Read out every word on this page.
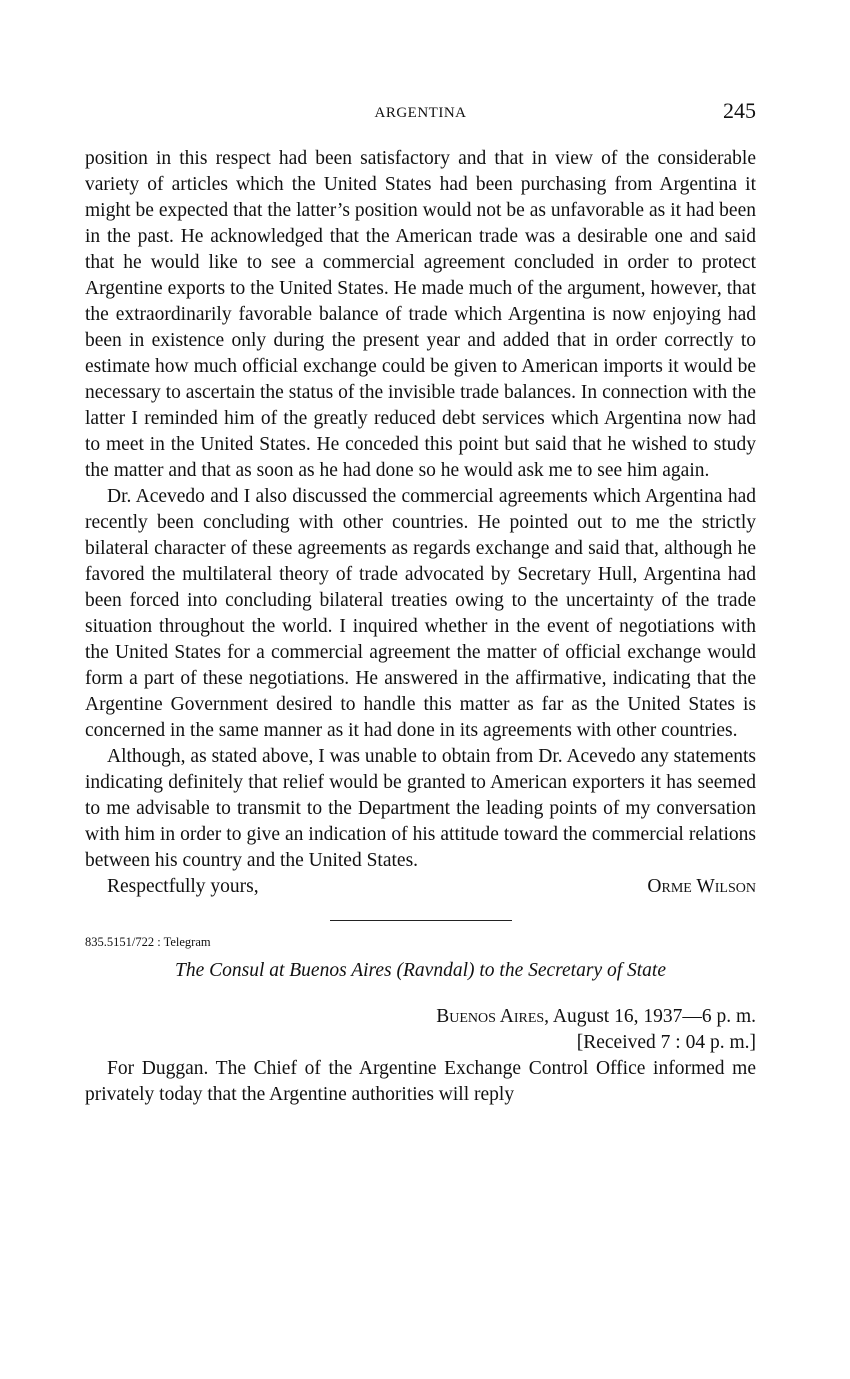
ARGENTINA	245

position in this respect had been satisfactory and that in view of the considerable variety of articles which the United States had been purchasing from Argentina it might be expected that the latter’s position would not be as unfavorable as it had been in the past. He acknowledged that the American trade was a desirable one and said that he would like to see a commercial agreement concluded in order to protect Argentine exports to the United States. He made much of the argument, however, that the extraordinarily favorable balance of trade which Argentina is now enjoying had been in existence only during the present year and added that in order correctly to estimate how much official exchange could be given to American imports it would be necessary to ascertain the status of the invisible trade balances. In connection with the latter I reminded him of the greatly reduced debt services which Argentina now had to meet in the United States. He conceded this point but said that he wished to study the matter and that as soon as he had done so he would ask me to see him again.

Dr. Acevedo and I also discussed the commercial agreements which Argentina had recently been concluding with other countries. He pointed out to me the strictly bilateral character of these agreements as regards exchange and said that, although he favored the multilateral theory of trade advocated by Secretary Hull, Argentina had been forced into concluding bilateral treaties owing to the uncertainty of the trade situation throughout the world. I inquired whether in the event of negotiations with the United States for a commercial agreement the matter of official exchange would form a part of these negotiations. He answered in the affirmative, indicating that the Argentine Government desired to handle this matter as far as the United States is concerned in the same manner as it had done in its agreements with other countries.

Although, as stated above, I was unable to obtain from Dr. Acevedo any statements indicating definitely that relief would be granted to American exporters it has seemed to me advisable to transmit to the Department the leading points of my conversation with him in order to give an indication of his attitude toward the commercial relations between his country and the United States.

Respectfully yours,	Orme Wilson
835.5151/722 : Telegram
The Consul at Buenos Aires (Ravndal) to the Secretary of State
Buenos Aires, August 16, 1937—6 p. m.
[Received 7 : 04 p. m.]

For Duggan. The Chief of the Argentine Exchange Control Office informed me privately today that the Argentine authorities will reply
